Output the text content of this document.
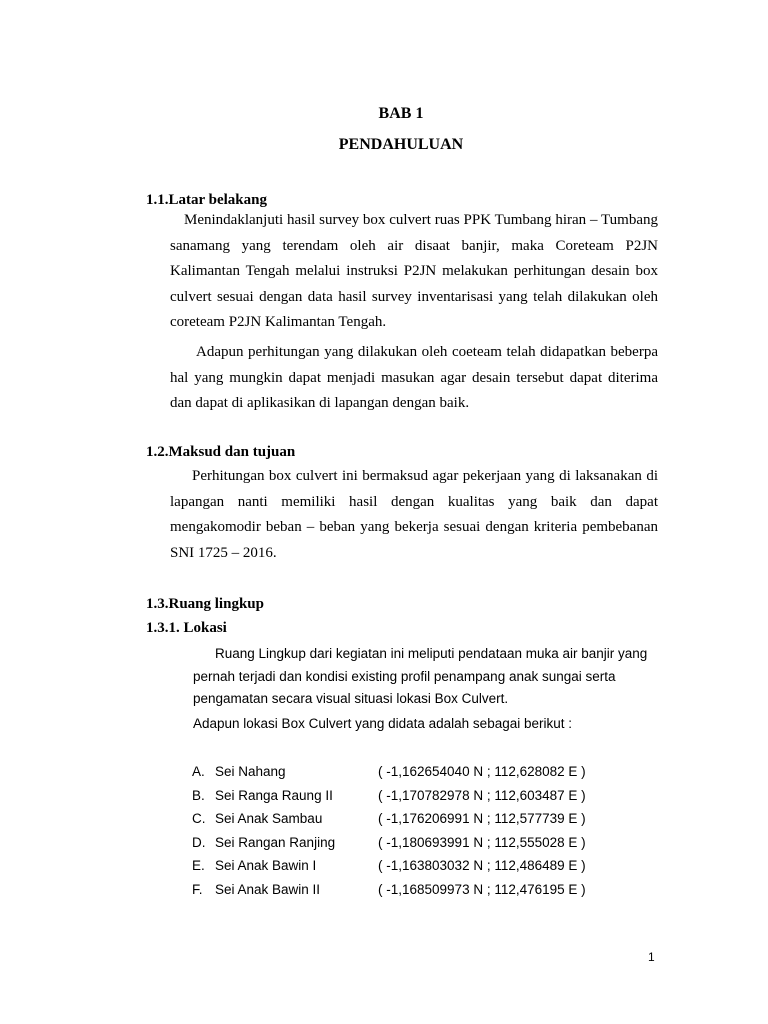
BAB 1
PENDAHULUAN
1.1.Latar belakang
Menindaklanjuti hasil survey box culvert ruas PPK Tumbang hiran – Tumbang sanamang yang terendam oleh air disaat banjir, maka Coreteam P2JN Kalimantan Tengah melalui instruksi P2JN melakukan perhitungan desain box culvert sesuai dengan data hasil survey inventarisasi yang telah dilakukan oleh coreteam P2JN Kalimantan Tengah.
Adapun perhitungan yang dilakukan oleh coeteam telah didapatkan beberpa hal yang mungkin dapat menjadi masukan agar desain tersebut dapat diterima dan dapat di aplikasikan di lapangan dengan baik.
1.2.Maksud dan tujuan
Perhitungan box culvert ini bermaksud agar pekerjaan yang di laksanakan di lapangan nanti memiliki hasil dengan kualitas yang baik dan dapat mengakomodir beban – beban yang bekerja sesuai dengan kriteria pembebanan SNI 1725 – 2016.
1.3.Ruang lingkup
1.3.1. Lokasi
Ruang Lingkup dari kegiatan ini meliputi pendataan muka air banjir yang pernah terjadi dan kondisi existing profil penampang anak sungai serta pengamatan secara visual situasi lokasi Box Culvert.
Adapun lokasi Box Culvert yang didata adalah sebagai berikut :
A. Sei Nahang	( -1,162654040 N ; 112,628082 E )
B. Sei Ranga Raung II	( -1,170782978 N ; 112,603487 E )
C. Sei Anak Sambau	( -1,176206991 N ; 112,577739 E )
D. Sei Rangan Ranjing	( -1,180693991 N ; 112,555028 E )
E. Sei Anak Bawin I	( -1,163803032 N ; 112,486489 E )
F. Sei Anak Bawin II	( -1,168509973 N ; 112,476195 E )
1
